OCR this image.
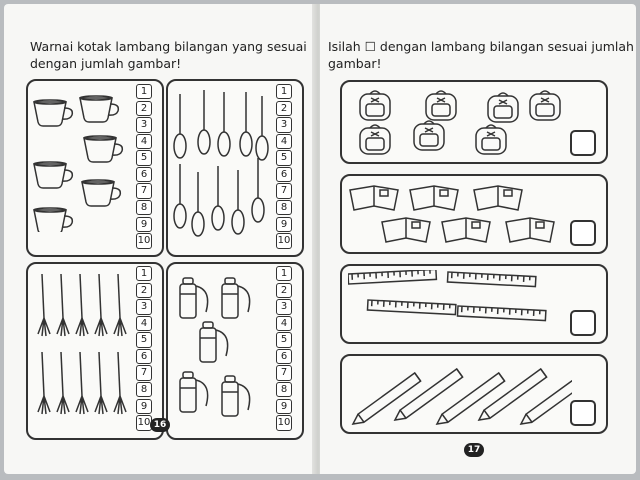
Warnai kotak lambang bilangan yang sesuai
dengan jumlah gambar!
1
2
3
4
5
6
7
8
9
10
1
2
3
4
5
6
7
8
9
10
1
2
3
4
5
6
7
8
9
10
1
2
3
4
5
6
7
8
9
10
16
Isilah ☐ dengan lambang bilangan sesuai jumlah
gambar!
17
